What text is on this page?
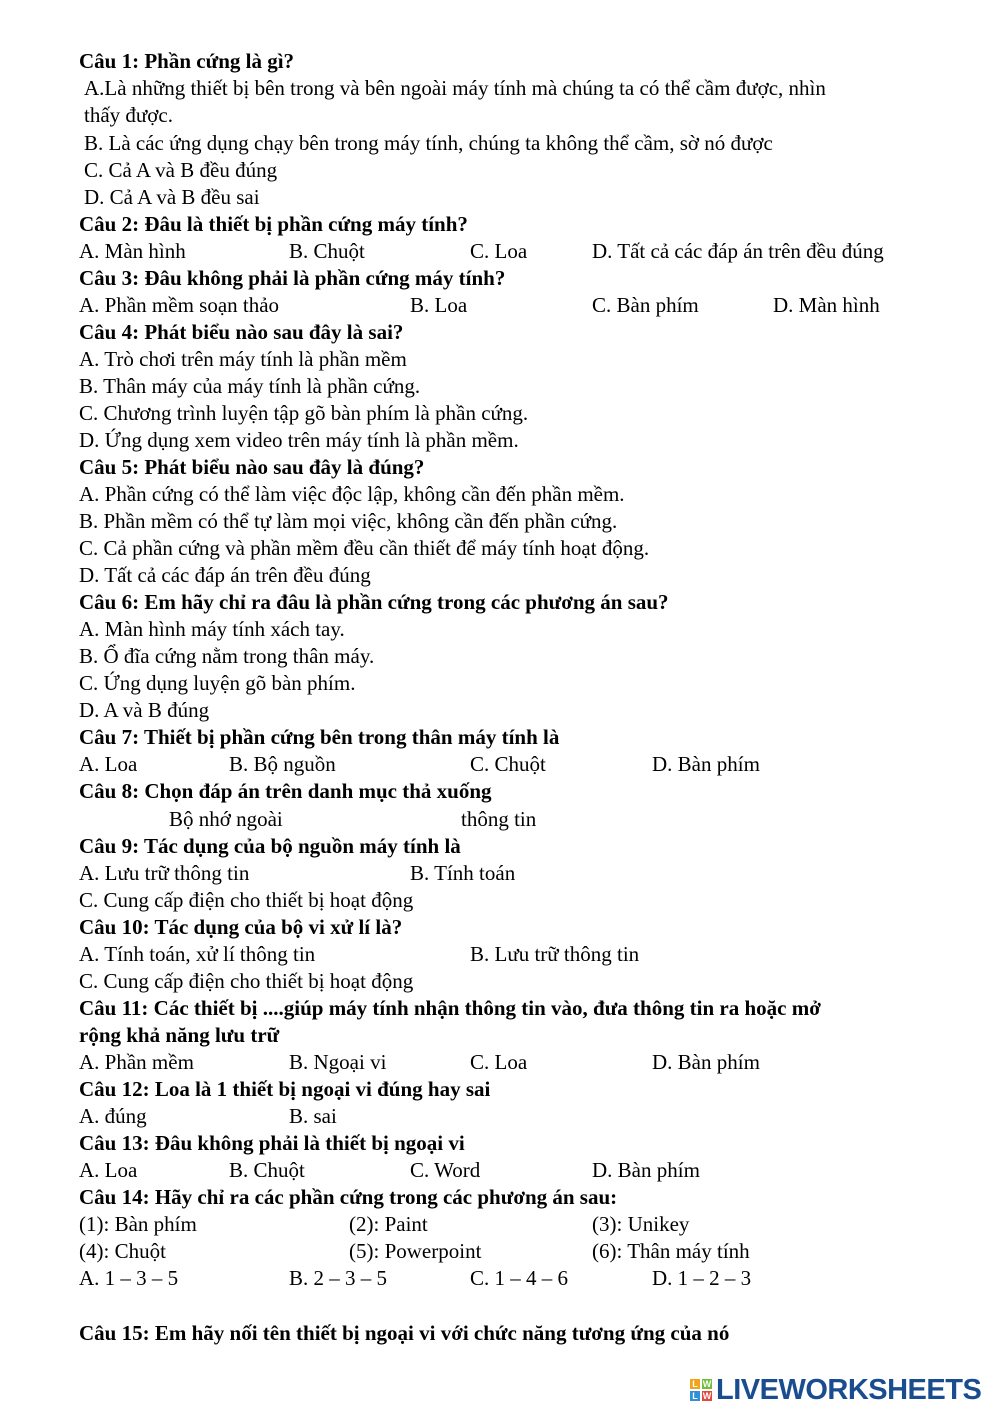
Câu 1: Phần cứng là gì?
A.Là những thiết bị bên trong và bên ngoài máy tính mà chúng ta có thể cầm được, nhìn
thấy được.
B. Là các ứng dụng chạy bên trong máy tính, chúng ta không thể cầm, sờ nó được
C. Cả A và B đều đúng
D. Cả A và B đều sai
Câu 2: Đâu là thiết bị phần cứng máy tính?
A. Màn hình	B. Chuột	C. Loa	D. Tất cả các đáp án trên đều đúng
Câu 3: Đâu không phải là phần cứng máy tính?
A. Phần mềm soạn thảo	B. Loa	C. Bàn phím	D. Màn hình
Câu 4: Phát biểu nào sau đây là sai?
A. Trò chơi trên máy tính là phần mềm
B. Thân máy của máy tính là phần cứng.
C. Chương trình luyện tập gõ bàn phím là phần cứng.
D. Ứng dụng xem video trên máy tính là phần mềm.
Câu 5: Phát biểu nào sau đây là đúng?
A. Phần cứng có thể làm việc độc lập, không cần đến phần mềm.
B. Phần mềm có thể tự làm mọi việc, không cần đến phần cứng.
C. Cả phần cứng và phần mềm đều cần thiết để máy tính hoạt động.
D. Tất cả các đáp án trên đều đúng
Câu 6: Em hãy chỉ ra đâu là phần cứng trong các phương án sau?
A. Màn hình máy tính xách tay.
B. Ổ đĩa cứng nằm trong thân máy.
C. Ứng dụng luyện gõ bàn phím.
D. A và B đúng
Câu 7: Thiết bị phần cứng bên trong thân máy tính là
A. Loa	B. Bộ nguồn	C. Chuột	D. Bàn phím
Câu 8: Chọn đáp án trên danh mục thả xuống
Bộ nhớ ngoài	thông tin
Câu 9: Tác dụng của bộ nguồn máy tính là
A. Lưu trữ thông tin	B. Tính toán
C. Cung cấp điện cho thiết bị hoạt động
Câu 10: Tác dụng của bộ vi xử lí là?
A. Tính toán, xử lí thông tin	B. Lưu trữ thông tin
C. Cung cấp điện cho thiết bị hoạt động
Câu 11: Các thiết bị ....giúp máy tính nhận thông tin vào, đưa thông tin ra hoặc mở
rộng khả năng lưu trữ
A. Phần mềm	B. Ngoại vi	C. Loa	D. Bàn phím
Câu 12: Loa là 1 thiết bị ngoại vi đúng hay sai
A. đúng	B. sai
Câu 13: Đâu không phải là thiết bị ngoại vi
A. Loa	B. Chuột	C. Word	D. Bàn phím
Câu 14: Hãy chỉ ra các phần cứng trong các phương án sau:
(1): Bàn phím	(2): Paint	(3): Unikey
(4): Chuột	(5): Powerpoint	(6): Thân máy tính
A. 1 – 3 – 5	B. 2 – 3 – 5	C. 1 – 4 – 6	D. 1 – 2 – 3
Câu 15: Em hãy nối tên thiết bị ngoại vi với chức năng tương ứng của nó
L W
L W LIVEWORKSHEETS
